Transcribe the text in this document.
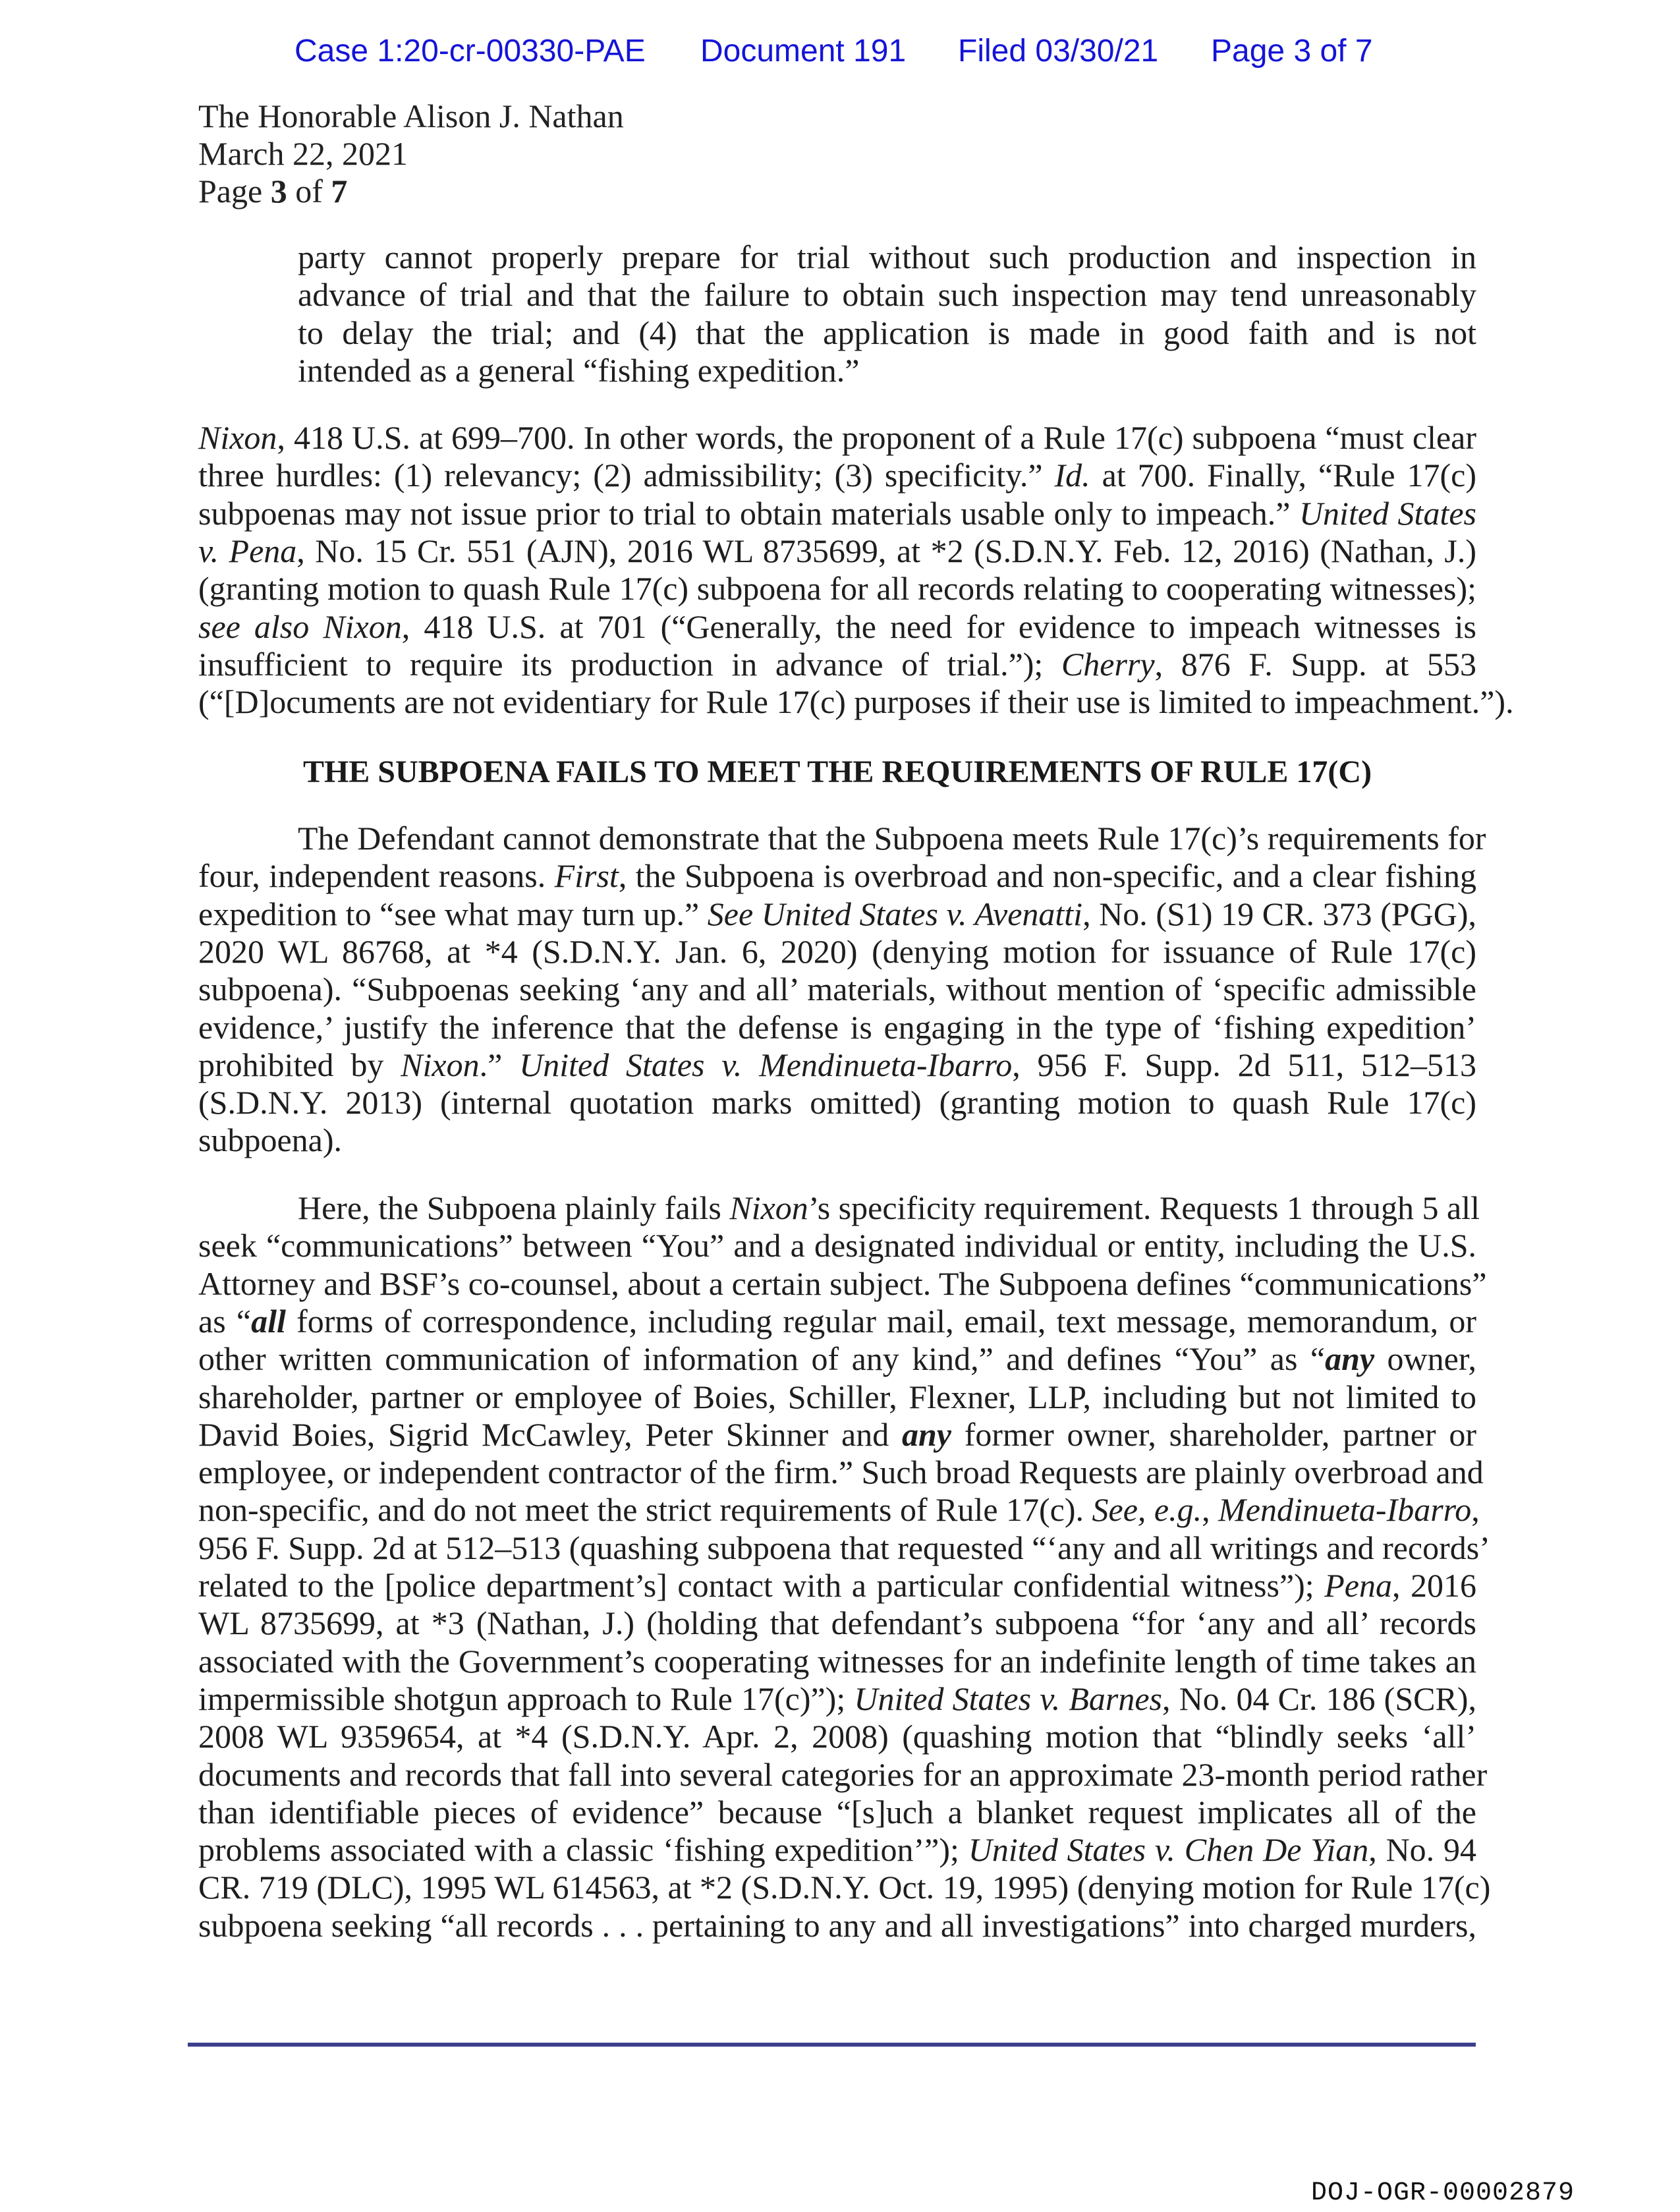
Case 1:20-cr-00330-PAE Document 191 Filed 03/30/21 Page 3 of 7
The Honorable Alison J. Nathan
March 22, 2021
Page 3 of 7
party cannot properly prepare for trial without such production and inspection in
advance of trial and that the failure to obtain such inspection may tend unreasonably
to delay the trial; and (4) that the application is made in good faith and is not
intended as a general “fishing expedition.”
Nixon, 418 U.S. at 699–700. In other words, the proponent of a Rule 17(c) subpoena “must clear
three hurdles: (1) relevancy; (2) admissibility; (3) specificity.” Id. at 700. Finally, “Rule 17(c)
subpoenas may not issue prior to trial to obtain materials usable only to impeach.” United States
v. Pena, No. 15 Cr. 551 (AJN), 2016 WL 8735699, at *2 (S.D.N.Y. Feb. 12, 2016) (Nathan, J.)
(granting motion to quash Rule 17(c) subpoena for all records relating to cooperating witnesses);
see also Nixon, 418 U.S. at 701 (“Generally, the need for evidence to impeach witnesses is
insufficient to require its production in advance of trial.”); Cherry, 876 F. Supp. at 553
(“[D]ocuments are not evidentiary for Rule 17(c) purposes if their use is limited to impeachment.”).
THE SUBPOENA FAILS TO MEET THE REQUIREMENTS OF RULE 17(C)
The Defendant cannot demonstrate that the Subpoena meets Rule 17(c)’s requirements for
four, independent reasons. First, the Subpoena is overbroad and non-specific, and a clear fishing
expedition to “see what may turn up.” See United States v. Avenatti, No. (S1) 19 CR. 373 (PGG),
2020 WL 86768, at *4 (S.D.N.Y. Jan. 6, 2020) (denying motion for issuance of Rule 17(c)
subpoena). “Subpoenas seeking ‘any and all’ materials, without mention of ‘specific admissible
evidence,’ justify the inference that the defense is engaging in the type of ‘fishing expedition’
prohibited by Nixon.” United States v. Mendinueta-Ibarro, 956 F. Supp. 2d 511, 512–513
(S.D.N.Y. 2013) (internal quotation marks omitted) (granting motion to quash Rule 17(c)
subpoena).
Here, the Subpoena plainly fails Nixon’s specificity requirement. Requests 1 through 5 all
seek “communications” between “You” and a designated individual or entity, including the U.S.
Attorney and BSF’s co-counsel, about a certain subject. The Subpoena defines “communications”
as “all forms of correspondence, including regular mail, email, text message, memorandum, or
other written communication of information of any kind,” and defines “You” as “any owner,
shareholder, partner or employee of Boies, Schiller, Flexner, LLP, including but not limited to
David Boies, Sigrid McCawley, Peter Skinner and any former owner, shareholder, partner or
employee, or independent contractor of the firm.” Such broad Requests are plainly overbroad and
non-specific, and do not meet the strict requirements of Rule 17(c). See, e.g., Mendinueta-Ibarro,
956 F. Supp. 2d at 512–513 (quashing subpoena that requested “‘any and all writings and records’
related to the [police department’s] contact with a particular confidential witness”); Pena, 2016
WL 8735699, at *3 (Nathan, J.) (holding that defendant’s subpoena “for ‘any and all’ records
associated with the Government’s cooperating witnesses for an indefinite length of time takes an
impermissible shotgun approach to Rule 17(c)”); United States v. Barnes, No. 04 Cr. 186 (SCR),
2008 WL 9359654, at *4 (S.D.N.Y. Apr. 2, 2008) (quashing motion that “blindly seeks ‘all’
documents and records that fall into several categories for an approximate 23-month period rather
than identifiable pieces of evidence” because “[s]uch a blanket request implicates all of the
problems associated with a classic ‘fishing expedition’”); United States v. Chen De Yian, No. 94
CR. 719 (DLC), 1995 WL 614563, at *2 (S.D.N.Y. Oct. 19, 1995) (denying motion for Rule 17(c)
subpoena seeking “all records . . . pertaining to any and all investigations” into charged murders,
DOJ-OGR-00002879
